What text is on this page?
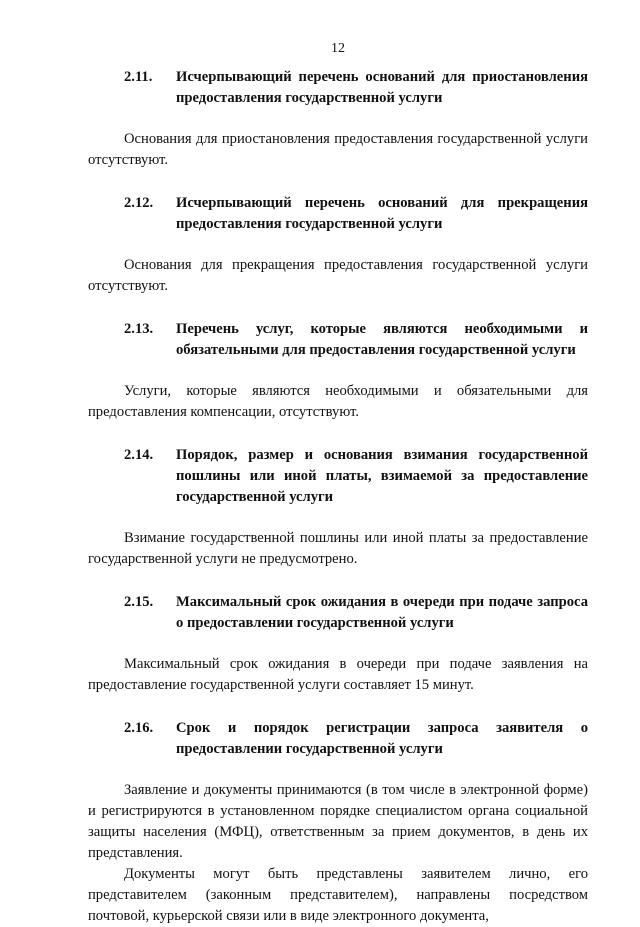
12
2.11.	Исчерпывающий перечень оснований для приостановления предоставления государственной услуги

Основания для приостановления предоставления государственной услуги отсутствуют.

2.12.	Исчерпывающий перечень оснований для прекращения предоставления государственной услуги

Основания для прекращения предоставления государственной услуги отсутствуют.

2.13.	Перечень услуг, которые являются необходимыми и обязательными для предоставления государственной услуги

Услуги, которые являются необходимыми и обязательными для предоставления компенсации, отсутствуют.

2.14.	Порядок, размер и основания взимания государственной пошлины или иной платы, взимаемой за предоставление государственной услуги

Взимание государственной пошлины или иной платы за предоставление государственной услуги не предусмотрено.

2.15.	Максимальный срок ожидания в очереди при подаче запроса о предоставлении государственной услуги

Максимальный срок ожидания в очереди при подаче заявления на предоставление государственной услуги составляет 15 минут.

2.16.	Срок и порядок регистрации запроса заявителя о предоставлении государственной услуги

Заявление и документы принимаются (в том числе в электронной форме) и регистрируются в установленном порядке специалистом органа социальной защиты населения (МФЦ), ответственным за прием документов, в день их представления.

Документы могут быть представлены заявителем лично, его представителем (законным представителем), направлены посредством почтовой, курьерской связи или в виде электронного документа,
